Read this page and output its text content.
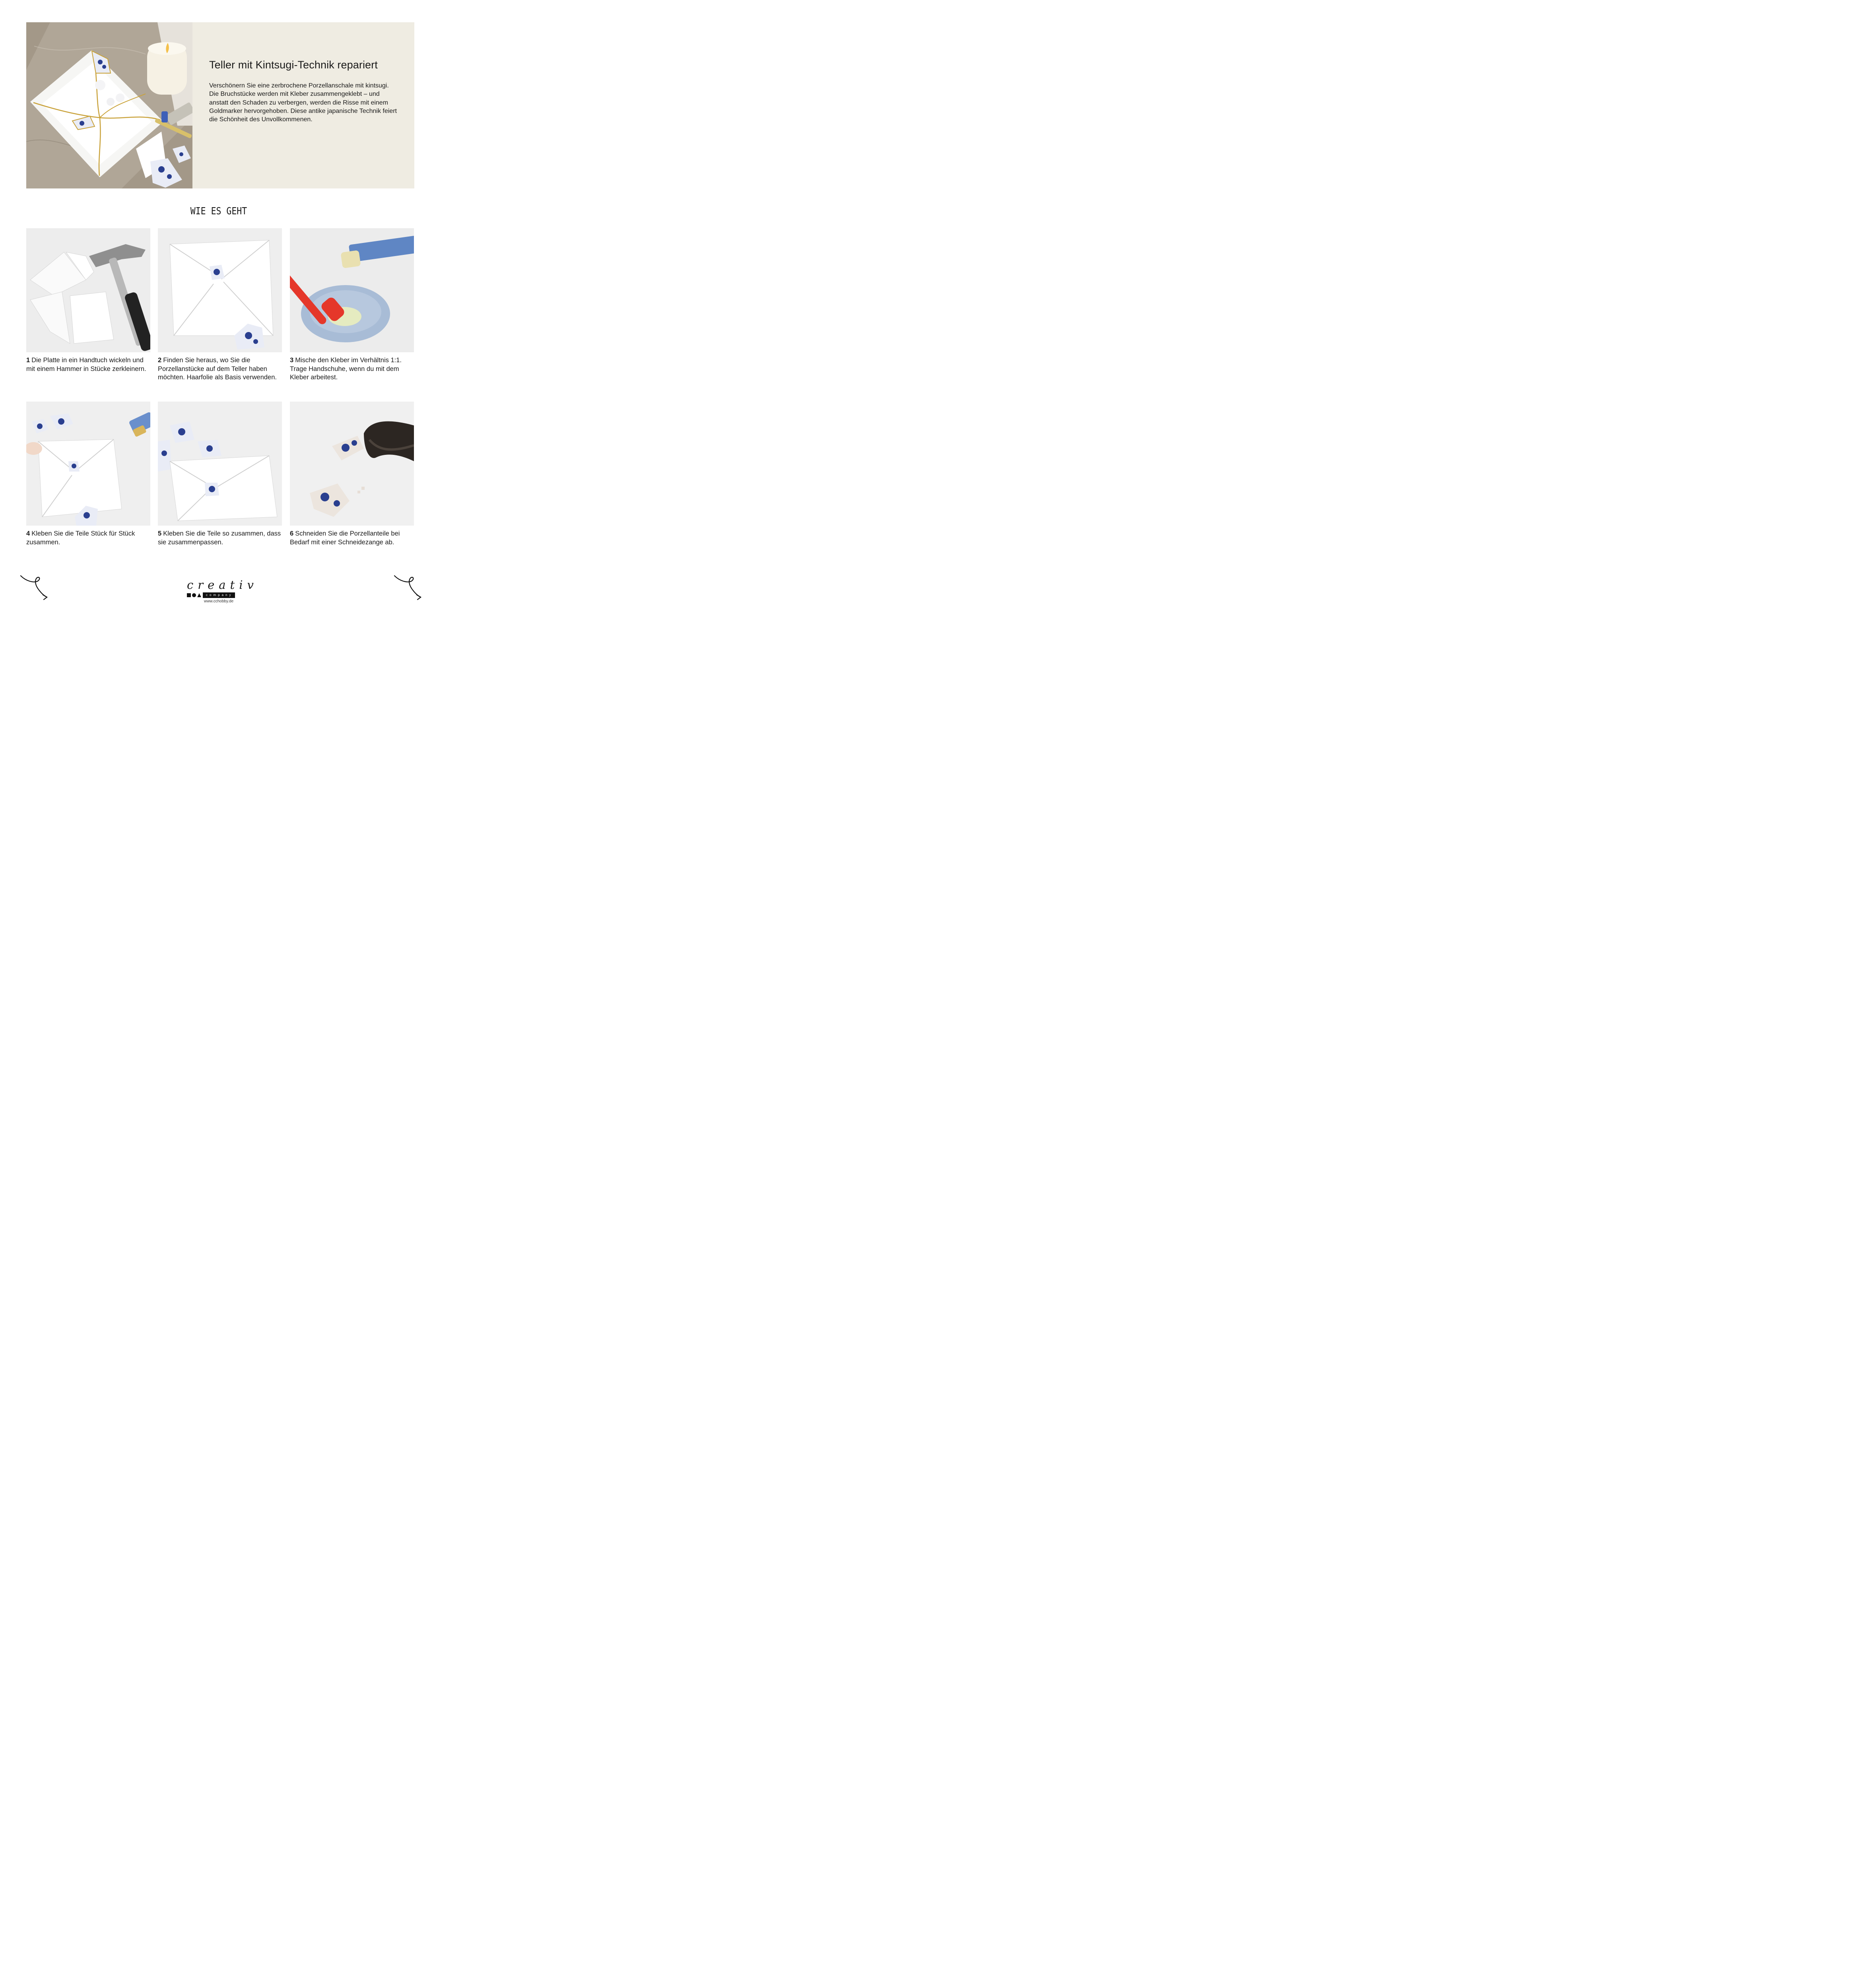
Teller mit Kintsugi-Technik repariert

Verschönern Sie eine zerbrochene Porzellanschale mit kintsugi. Die Bruchstücke werden mit Kleber zusammengeklebt – und anstatt den Schaden zu verbergen, werden die Risse mit einem Goldmarker hervorgehoben. Diese antike japanische Technik feiert die Schönheit des Unvollkommenen.

WIE ES GEHT
1 Die Platte in ein Handtuch wickeln und mit einem Hammer in Stücke zerkleinern.
2 Finden Sie heraus, wo Sie die Porzellanstücke auf dem Teller haben möchten. Haarfolie als Basis verwenden.
3 Mische den Kleber im Verhältnis 1:1. Trage Handschuhe, wenn du mit dem Kleber arbeitest.
4 Kleben Sie die Teile Stück für Stück zusammen.
5 Kleben Sie die Teile so zusammen, dass sie zusammenpassen.
6 Schneiden Sie die Porzellanteile bei Bedarf mit einer Schneidezange ab.
creativ
company
www.cchobby.de
